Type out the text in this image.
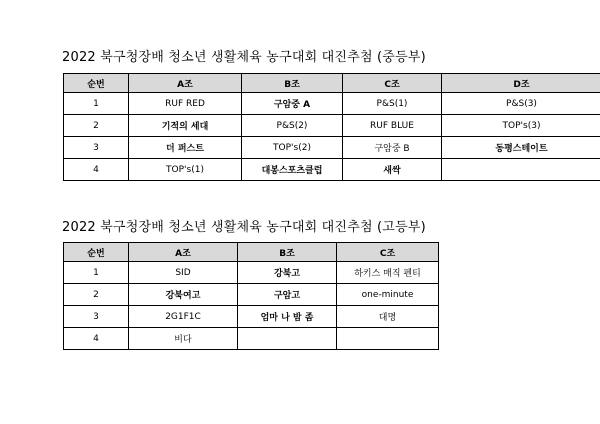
2022 북구청장배 청소년 생활체육 농구대회 대진추첨 (중등부)
순번	A조	B조	C조	D조
1	RUF RED	구암중 A	P&S(1)	P&S(3)
2	기적의 세대	P&S(2)	RUF BLUE	TOP's(3)
3	더 퍼스트	TOP's(2)	구암중 B	동평스테이트
4	TOP's(1)	대봉스포츠클럽	새싹	
2022 북구청장배 청소년 생활체육 농구대회 대진추첨 (고등부)
순번	A조	B조	C조
1	SID	강북고	하키스 매직 펜티
2	강북여고	구암고	one-minute
3	2G1F1C	엄마 나 밤 좀	대명
4	비다		
